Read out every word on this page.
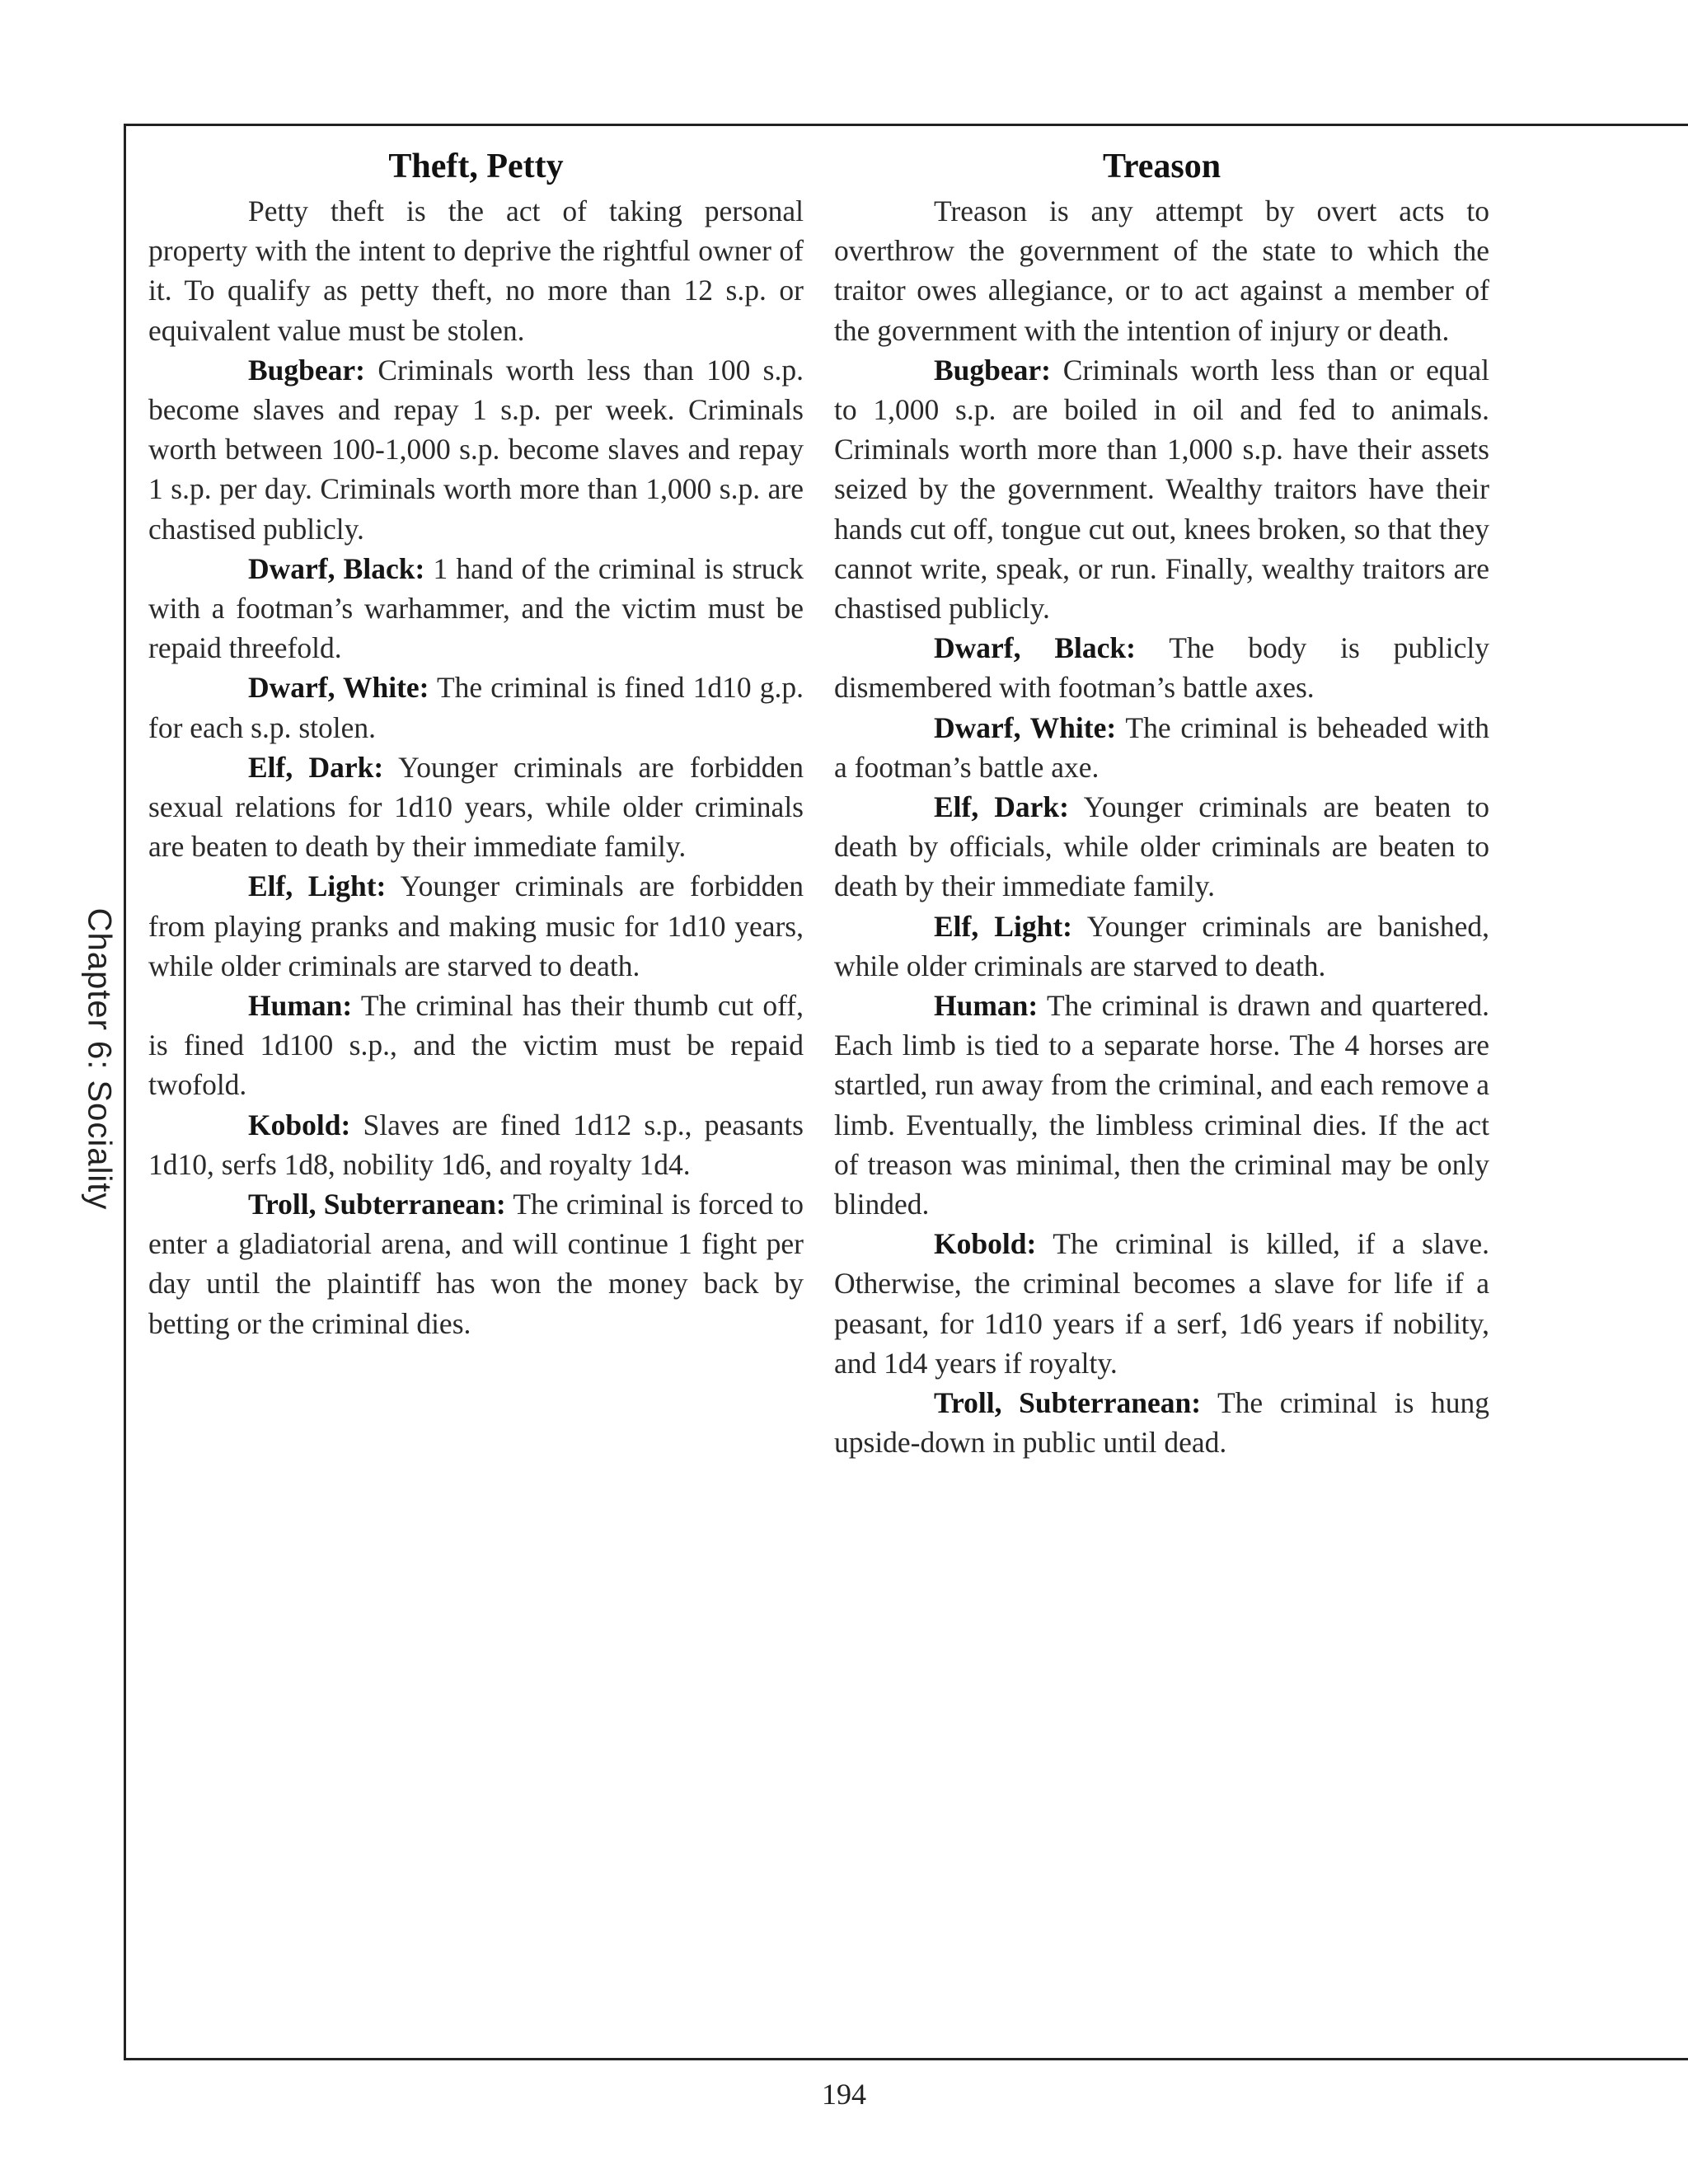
Chapter 6: Sociality
Theft, Petty

Petty theft is the act of taking personal property with the intent to deprive the rightful owner of it. To qualify as petty theft, no more than 12 s.p. or equivalent value must be stolen.

Bugbear: Criminals worth less than 100 s.p. become slaves and repay 1 s.p. per week. Criminals worth between 100-1,000 s.p. become slaves and repay 1 s.p. per day. Criminals worth more than 1,000 s.p. are chastised publicly.

Dwarf, Black: 1 hand of the criminal is struck with a footman’s warhammer, and the victim must be repaid threefold.

Dwarf, White: The criminal is fined 1d10 g.p. for each s.p. stolen.

Elf, Dark: Younger criminals are forbidden sexual relations for 1d10 years, while older criminals are beaten to death by their immediate family.

Elf, Light: Younger criminals are forbidden from playing pranks and making music for 1d10 years, while older criminals are starved to death.

Human: The criminal has their thumb cut off, is fined 1d100 s.p., and the victim must be repaid twofold.

Kobold: Slaves are fined 1d12 s.p., peasants 1d10, serfs 1d8, nobility 1d6, and royalty 1d4.

Troll, Subterranean: The criminal is forced to enter a gladiatorial arena, and will continue 1 fight per day until the plaintiff has won the money back by betting or the criminal dies.

Treason

Treason is any attempt by overt acts to overthrow the government of the state to which the traitor owes allegiance, or to act against a member of the government with the intention of injury or death.

Bugbear: Criminals worth less than or equal to 1,000 s.p. are boiled in oil and fed to animals. Criminals worth more than 1,000 s.p. have their assets seized by the government. Wealthy traitors have their hands cut off, tongue cut out, knees broken, so that they cannot write, speak, or run. Finally, wealthy traitors are chastised publicly.

Dwarf, Black: The body is publicly dismembered with footman’s battle axes.

Dwarf, White: The criminal is beheaded with a footman’s battle axe.

Elf, Dark: Younger criminals are beaten to death by officials, while older criminals are beaten to death by their immediate family.

Elf, Light: Younger criminals are banished, while older criminals are starved to death.

Human: The criminal is drawn and quartered. Each limb is tied to a separate horse. The 4 horses are startled, run away from the criminal, and each remove a limb. Eventually, the limbless criminal dies. If the act of treason was minimal, then the criminal may be only blinded.

Kobold: The criminal is killed, if a slave. Otherwise, the criminal becomes a slave for life if a peasant, for 1d10 years if a serf, 1d6 years if nobility, and 1d4 years if royalty.

Troll, Subterranean: The criminal is hung upside-down in public until dead.

194
